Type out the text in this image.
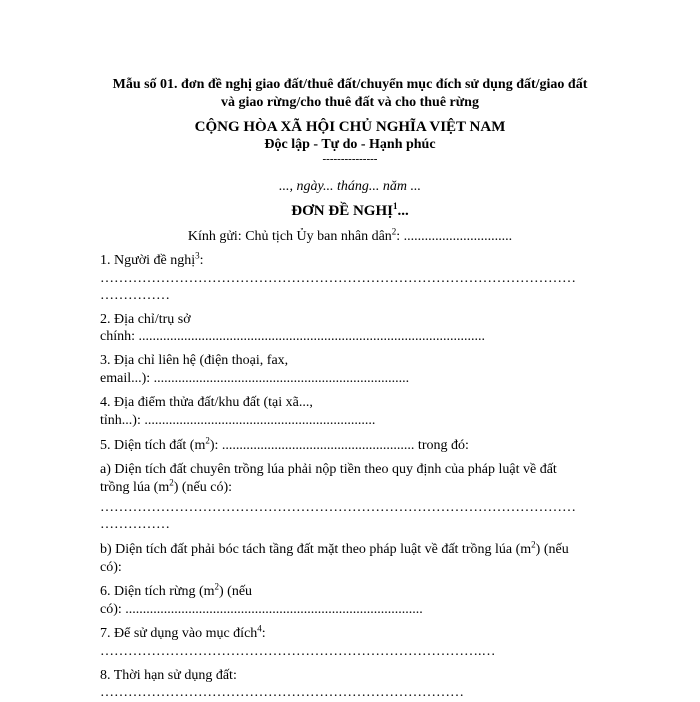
Mẫu số 01. đơn đề nghị giao đất/thuê đất/chuyển mục đích sử dụng đất/giao đất
và giao rừng/cho thuê đất và cho thuê rừng
CỘNG HÒA XÃ HỘI CHỦ NGHĨA VIỆT NAM
Độc lập - Tự do - Hạnh phúc
---------------
..., ngày... tháng... năm ...
ĐƠN ĐỀ NGHỊ$^1$...
Kính gửi: Chủ tịch Ủy ban nhân dân$^2$: ...............................
1. Người đề nghị$^3$:
…………………………………………………………………………………………
……………
2. Địa chỉ/trụ sở
chính: ...................................................................................................
3. Địa chỉ liên hệ (điện thoại, fax,
email...): .........................................................................
4. Địa điểm thửa đất/khu đất (tại xã...,
tỉnh...): ..................................................................
5. Diện tích đất $(m^2)$: ....................................................... trong đó:
a) Diện tích đất chuyên trồng lúa phải nộp tiền theo quy định của pháp luật về đất
trồng lúa $(m^2)$ (nếu có):
…………………………………………………………………………………………
……………
b) Diện tích đất phải bóc tách tầng đất mặt theo pháp luật về đất trồng lúa $(m^2)$ (nếu
có):
6. Diện tích rừng $(m^2)$ (nếu
có): .....................................................................................
7. Để sử dụng vào mục đích$^4$:
……………………………………………………………………….…
8. Thời hạn sử dụng đất:
……………………………………………………………………
